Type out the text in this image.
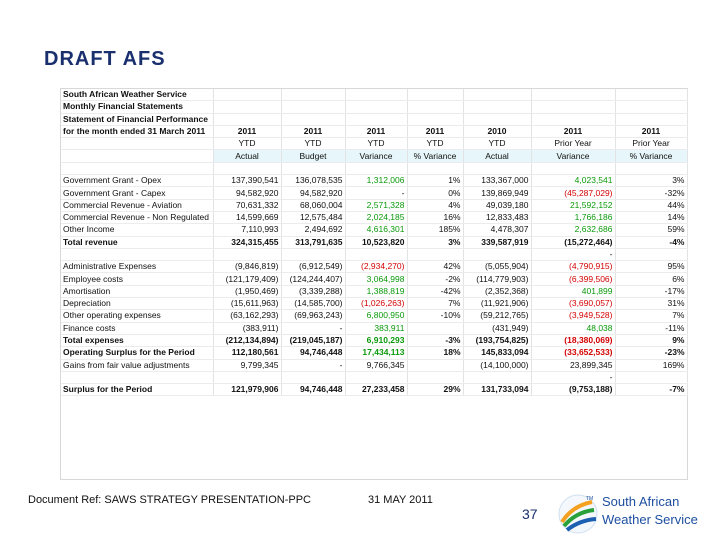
DRAFT AFS
South African Weather Service							
Monthly Financial Statements							
Statement of Financial Performance							
for the month ended 31 March 2011	2011	2011	2011	2011	2010	2011	2011
	YTD	YTD	YTD	YTD	YTD	Prior Year	Prior Year
	Actual	Budget	Variance	% Variance	Actual	Variance	% Variance

Government Grant - Opex	137,390,541	136,078,535	1,312,006	1%	133,367,000	4,023,541	3%
Government Grant - Capex	94,582,920	94,582,920	-	0%	139,869,949	(45,287,029)	-32%
Commercial Revenue - Aviation	70,631,332	68,060,004	2,571,328	4%	49,039,180	21,592,152	44%
Commercial Revenue - Non Regulated	14,599,669	12,575,484	2,024,185	16%	12,833,483	1,766,186	14%
Other Income	7,110,993	2,494,692	4,616,301	185%	4,478,307	2,632,686	59%
Total revenue	324,315,455	313,791,635	10,523,820	3%	339,587,919	(15,272,464)	-4%
						-	
Administrative Expenses	(9,846,819)	(6,912,549)	(2,934,270)	42%	(5,055,904)	(4,790,915)	95%
Employee costs	(121,179,409)	(124,244,407)	3,064,998	-2%	(114,779,903)	(6,399,506)	6%
Amortisation	(1,950,469)	(3,339,288)	1,388,819	-42%	(2,352,368)	401,899	-17%
Depreciation	(15,611,963)	(14,585,700)	(1,026,263)	7%	(11,921,906)	(3,690,057)	31%
Other operating expenses	(63,162,293)	(69,963,243)	6,800,950	-10%	(59,212,765)	(3,949,528)	7%
Finance costs	(383,911)	-	383,911		(431,949)	48,038	-11%
Total expenses	(212,134,894)	(219,045,187)	6,910,293	-3%	(193,754,825)	(18,380,069)	9%
Operating Surplus for the Period	112,180,561	94,746,448	17,434,113	18%	145,833,094	(33,652,533)	-23%
Gains from fair value adjustments	9,799,345	-	9,766,345		(14,100,000)	23,899,345	169%
						-	
Surplus for the Period	121,979,906	94,746,448	27,233,458	29%	131,733,094	(9,753,188)	-7%
Document Ref: SAWS STRATEGY PRESENTATION-PPC	31 MAY 2011
37
TM South African
Weather Service
